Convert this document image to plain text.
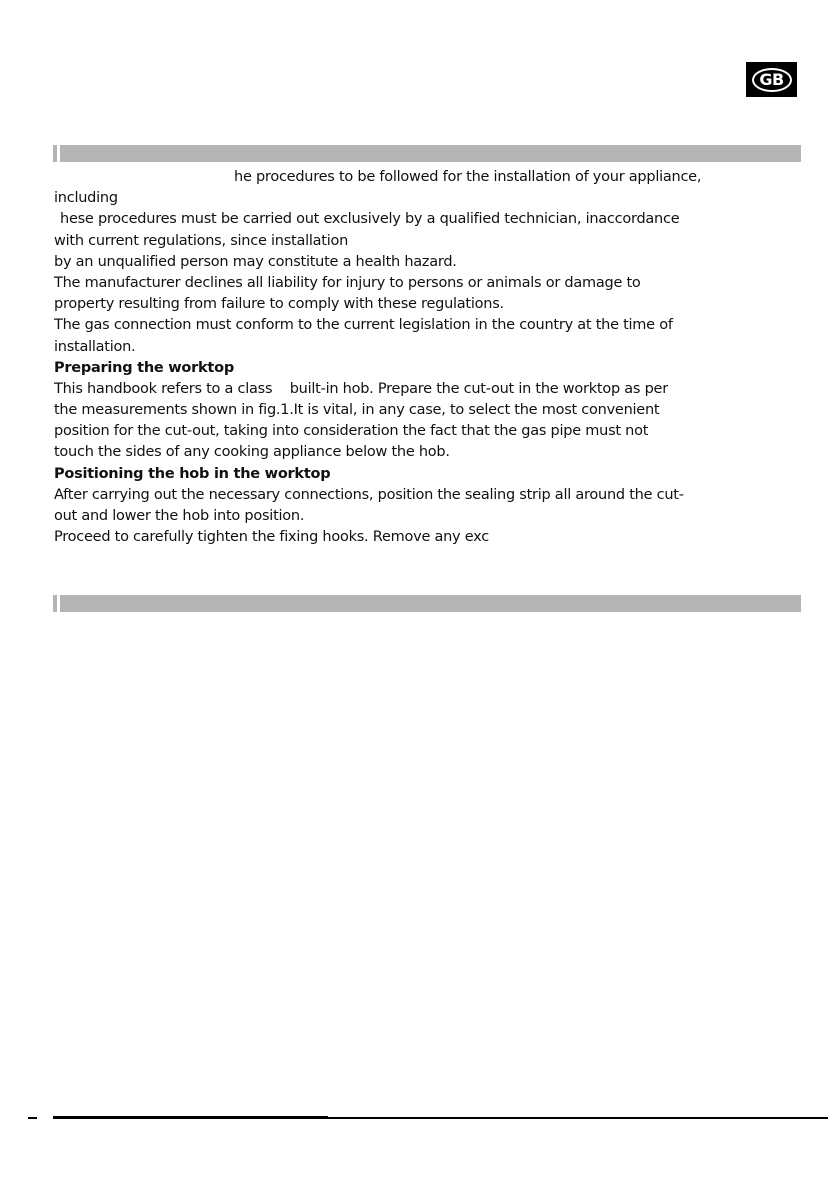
GB
he procedures to be followed for the installation of your appliance,
including
hese procedures must be carried out exclusively by a qualified technician, inaccordance
with current regulations, since installation
by an unqualified person may constitute a health hazard.
The manufacturer declines all liability for injury to persons or animals or damage to
property resulting from failure to comply with these regulations.
The gas connection must conform to the current legislation in the country at the time of
installation.
Preparing the worktop
This handbook refers to a class    built-in hob. Prepare the cut-out in the worktop as per
the measurements shown in fig.1.It is vital, in any case, to select the most convenient
position for the cut-out, taking into consideration the fact that the gas pipe must not
touch the sides of any cooking appliance below the hob.
Positioning the hob in the worktop
After carrying out the necessary connections, position the sealing strip all around the cut-
out and lower the hob into position.
Proceed to carefully tighten the fixing hooks. Remove any exc
